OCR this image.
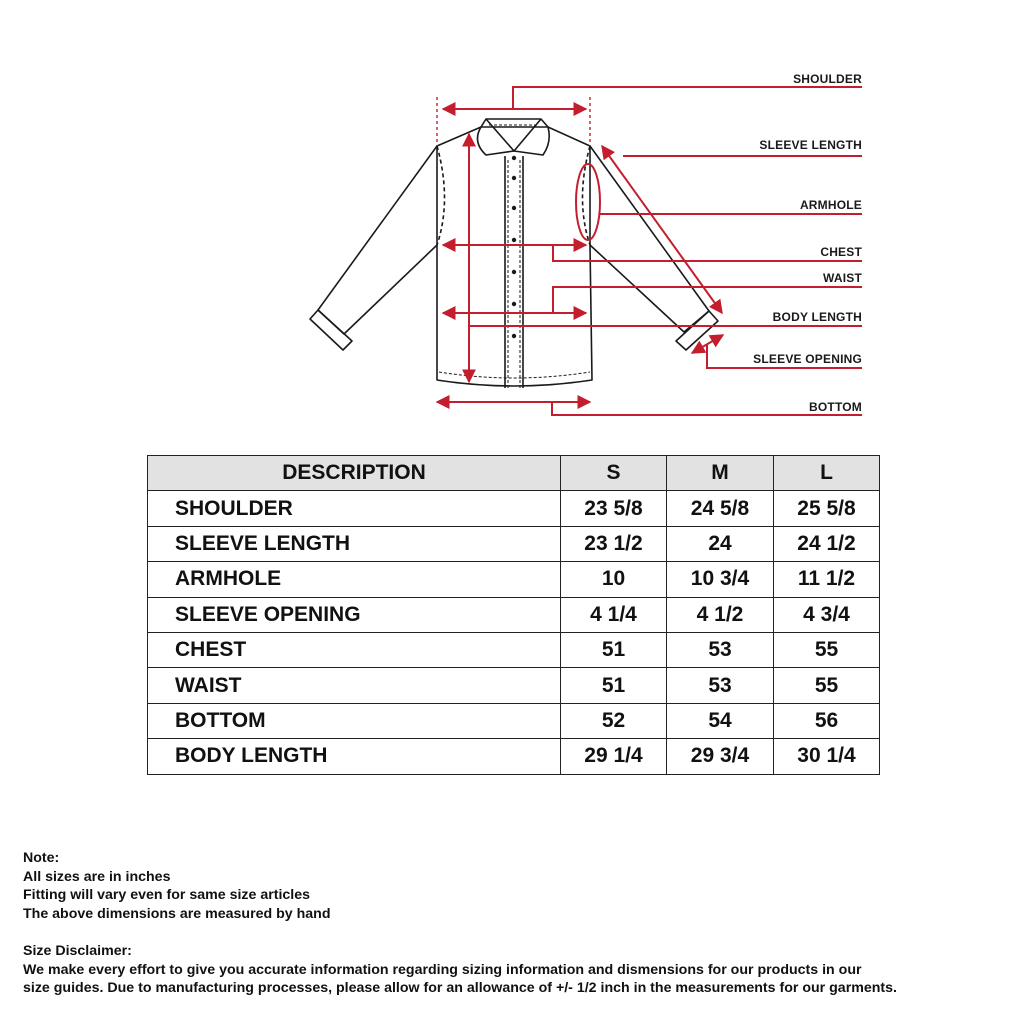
SHOULDER
SLEEVE LENGTH
ARMHOLE
CHEST
WAIST
BODY LENGTH
SLEEVE OPENING
BOTTOM
DESCRIPTION	S	M	L
SHOULDER	23 5/8	24 5/8	25 5/8
SLEEVE LENGTH	23 1/2	24	24 1/2
ARMHOLE	10	10 3/4	11 1/2
SLEEVE OPENING	4 1/4	4 1/2	4 3/4
CHEST	51	53	55
WAIST	51	53	55
BOTTOM	52	54	56
BODY LENGTH	29 1/4	29 3/4	30 1/4
Note:
All sizes are in inches
Fitting will vary even for same size articles
The above dimensions are measured by hand
Size Disclaimer:
We make every effort to give you accurate information regarding sizing information and dismensions for our products in our
size guides. Due to manufacturing processes, please allow for an allowance of +/- 1/2 inch in the measurements for our garments.
